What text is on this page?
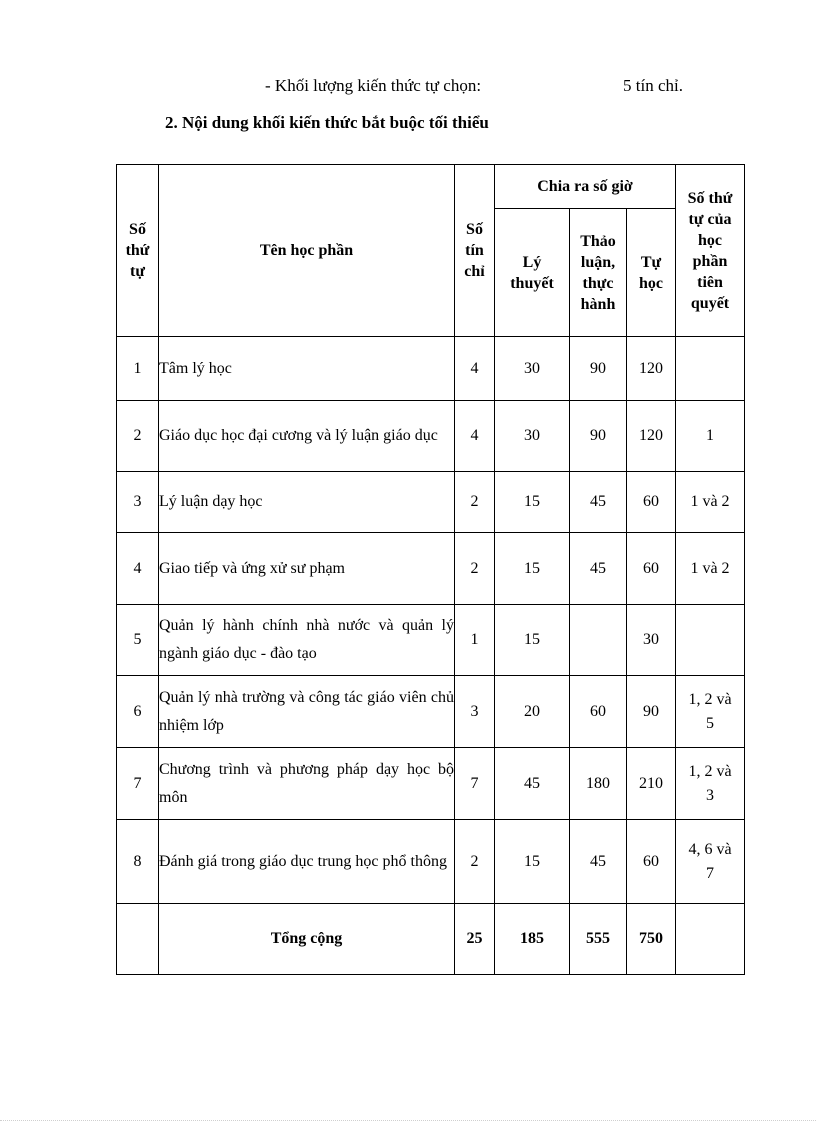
- Khối lượng kiến thức tự chọn:	5 tín chỉ.
2. Nội dung khối kiến thức bắt buộc tối thiểu
Số thứ tự	Tên học phần	Số tín chỉ	Chia ra số giờ			Số thứ tự của học phần tiên quyết
			Lý thuyết	Thảo luận, thực hành	Tự học	
1	Tâm lý học	4	30	90	120	
2	Giáo dục học đại cương và lý luận giáo dục	4	30	90	120	1
3	Lý luận dạy học	2	15	45	60	1 và 2
4	Giao tiếp và ứng xử sư phạm	2	15	45	60	1 và 2
5	Quản lý hành chính nhà nước và quản lý ngành giáo dục - đào tạo	1	15		30	
6	Quản lý nhà trường và công tác giáo viên chủ nhiệm lớp	3	20	60	90	1, 2 và 5
7	Chương trình và phương pháp dạy học bộ môn	7	45	180	210	1, 2 và 3
8	Đánh giá trong giáo dục trung học phổ thông	2	15	45	60	4, 6 và 7
	Tổng cộng	25	185	555	750	
